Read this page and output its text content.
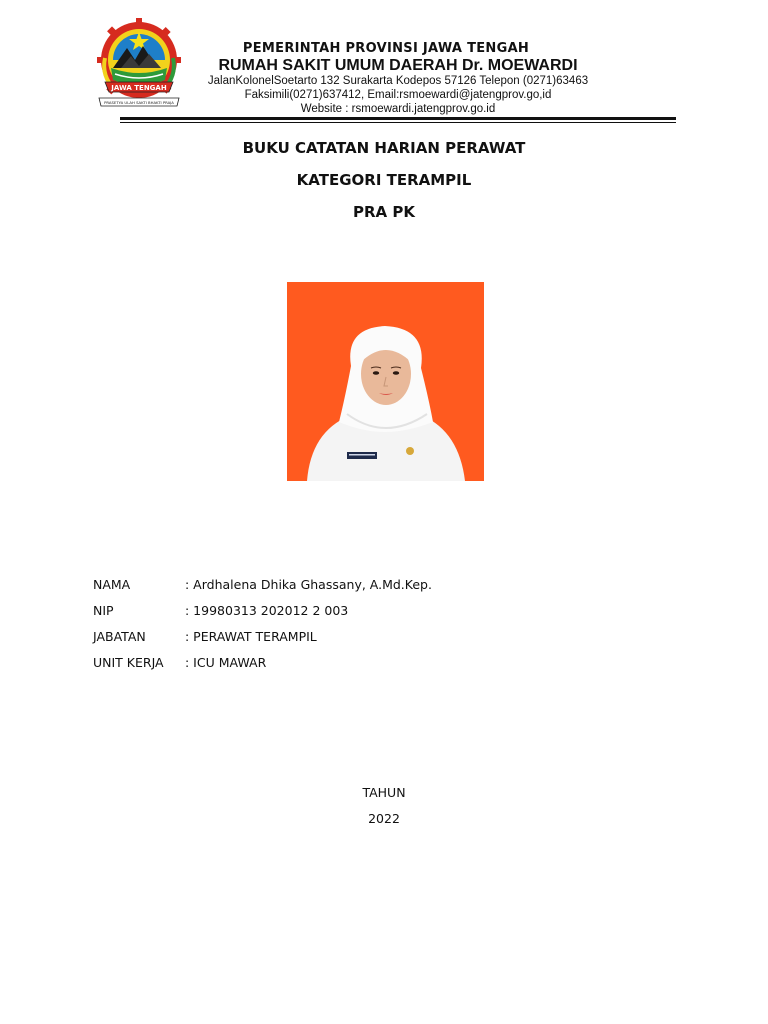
JAWA TENGAH
PRASETYA ULAH SAKTI BHAKTI PRAJA
PEMERINTAH PROVINSI JAWA TENGAH
RUMAH SAKIT UMUM DAERAH Dr. MOEWARDI
JalanKolonelSoetarto 132 Surakarta Kodepos 57126 Telepon (0271)63463
Faksimili(0271)637412, Email:rsmoewardi@jatengprov.go,id
Website : rsmoewardi.jatengprov.go.id
BUKU CATATAN HARIAN PERAWAT
KATEGORI TERAMPIL
PRA PK
NAMA	: Ardhalena Dhika Ghassany, A.Md.Kep.
NIP	: 19980313 202012 2 003
JABATAN	: PERAWAT TERAMPIL
UNIT KERJA : ICU MAWAR
TAHUN
2022
